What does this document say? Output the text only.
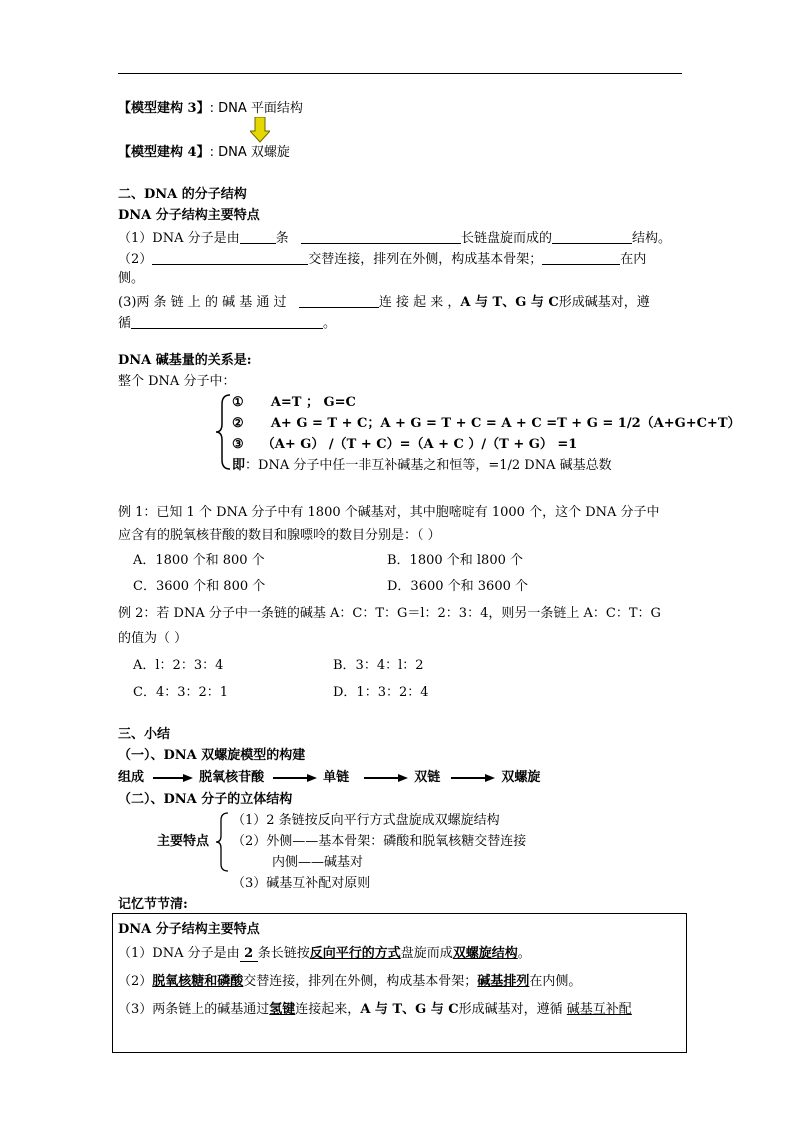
【模型建构 3】: DNA 平面结构
【模型建构 4】: DNA 双螺旋
二、DNA 的分子结构
DNA 分子结构主要特点
（1）DNA 分子是由	条	长链盘旋而成的	结构。
（2）	交替连接，排列在外侧，构成基本骨架；	在内
侧。
(3)两 条 链 上 的 碱 基 通 过	连 接 起 来 ，A 与 T、G 与 C形成碱基对，遵
循	。
DNA 碱基量的关系是:
整个 DNA 分子中：
① A=T ； G=C
② A+ G = T + C；A + G = T + C = A + C =T + G = 1/2（A+G+C+T）
③ （A+ G） /（T + C）=（A + C ）/（T + G） =1
即：DNA 分子中任一非互补碱基之和恒等，=1/2 DNA 碱基总数
例 1：已知 1 个 DNA 分子中有 1800 个碱基对，其中胞嘧啶有 1000 个，这个 DNA 分子中
应含有的脱氧核苷酸的数目和腺嘌呤的数目分别是：（ ）
A．1800 个和 800 个	B．1800 个和 l800 个
C．3600 个和 800 个	D．3600 个和 3600 个
例 2：若 DNA 分子中一条链的碱基 A：C：T：G＝l：2：3：4，则另一条链上 A：C：T：G
的值为（ ）
A．l：2：3：4	B．3：4：l：2
C．4：3：2：1	D．1：3：2：4
三、小结
（一）、DNA 双螺旋模型的构建
组成	脱氧核苷酸	单链	双链	双螺旋
（二）、DNA 分子的立体结构
主要特点
（1）2 条链按反向平行方式盘旋成双螺旋结构
（2）外侧——基本骨架：磷酸和脱氧核糖交替连接
内侧——碱基对
（3）碱基互补配对原则
记忆节节清:
DNA 分子结构主要特点
（1）DNA 分子是由 2 条长链按反向平行的方式盘旋而成双螺旋结构。
（2）脱氧核糖和磷酸交替连接，排列在外侧，构成基本骨架；碱基排列在内侧。
（3）两条链上的碱基通过氢键连接起来，A 与 T、G 与 C形成碱基对，遵循 碱基互补配
